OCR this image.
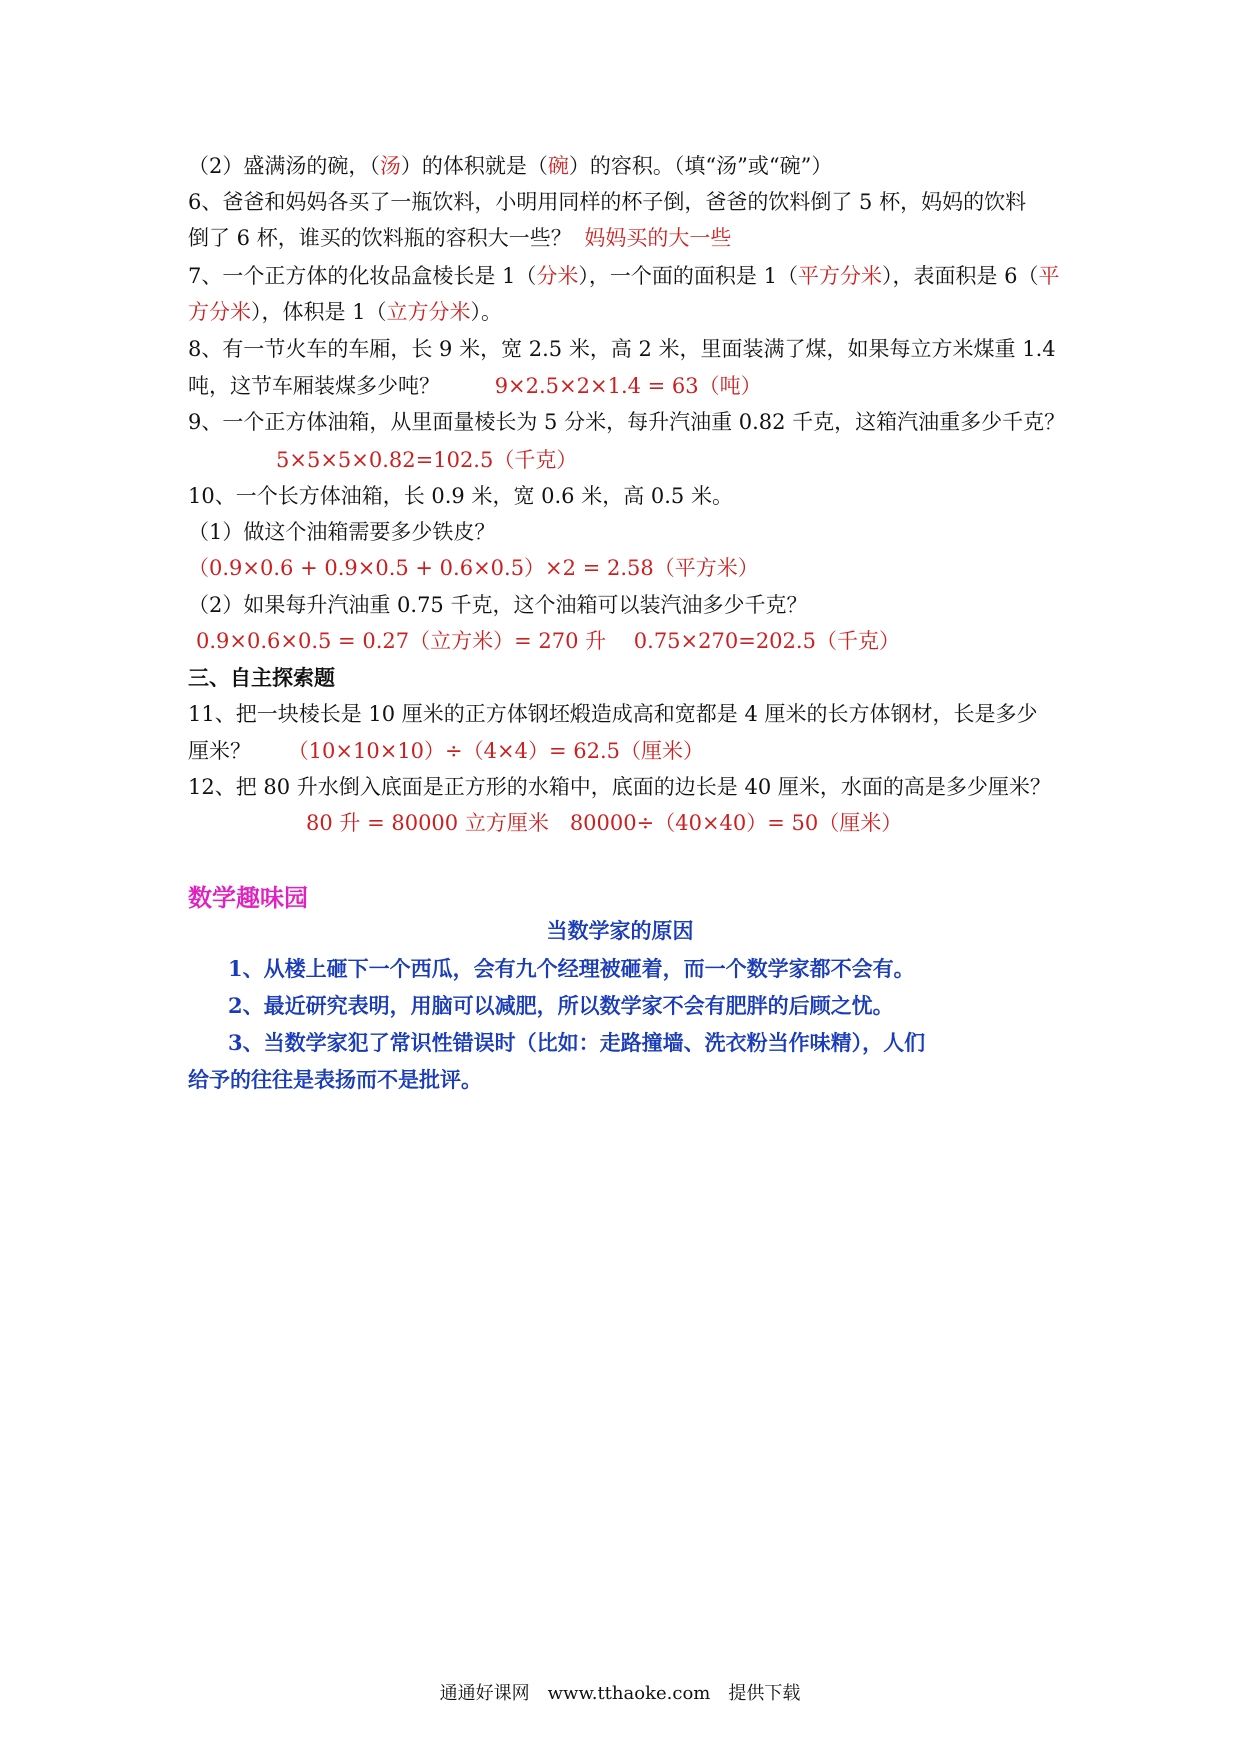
（2）盛满汤的碗，（汤）的体积就是（碗）的容积。（填“汤”或“碗”）
6、爸爸和妈妈各买了一瓶饮料，小明用同样的杯子倒，爸爸的饮料倒了 5 杯，妈妈的饮料
倒了 6 杯，谁买的饮料瓶的容积大一些？ 妈妈买的大一些
7、一个正方体的化妆品盒棱长是 1（分米），一个面的面积是 1（平方分米），表面积是 6（平
方分米），体积是 1（立方分米）。
8、有一节火车的车厢，长 9 米，宽 2.5 米，高 2 米，里面装满了煤，如果每立方米煤重 1.4
吨，这节车厢装煤多少吨？	9×2.5×2×1.4 = 63（吨）
9、一个正方体油箱，从里面量棱长为 5 分米，每升汽油重 0.82 千克，这箱汽油重多少千克？
5×5×5×0.82=102.5（千克）
10、一个长方体油箱，长 0.9 米，宽 0.6 米，高 0.5 米。
（1）做这个油箱需要多少铁皮？
（0.9×0.6 + 0.9×0.5 + 0.6×0.5）×2 = 2.58（平方米）
（2）如果每升汽油重 0.75 千克，这个油箱可以装汽油多少千克？
0.9×0.6×0.5 = 0.27（立方米）= 270 升　 0.75×270=202.5（千克）
三、自主探索题
11、把一块棱长是 10 厘米的正方体钢坯煅造成高和宽都是 4 厘米的长方体钢材，长是多少
厘米？ （10×10×10）÷（4×4）= 62.5（厘米）
12、把 80 升水倒入底面是正方形的水箱中，底面的边长是 40 厘米，水面的高是多少厘米？
80 升 = 80000 立方厘米　80000÷（40×40）= 50（厘米）
数学趣味园
当数学家的原因
1、从楼上砸下一个西瓜，会有九个经理被砸着，而一个数学家都不会有。
2、最近研究表明，用脑可以减肥，所以数学家不会有肥胖的后顾之忧。
3、当数学家犯了常识性错误时（比如：走路撞墙、洗衣粉当作味精），人们
给予的往往是表扬而不是批评。
通通好课网　www.tthaoke.com　提供下载
